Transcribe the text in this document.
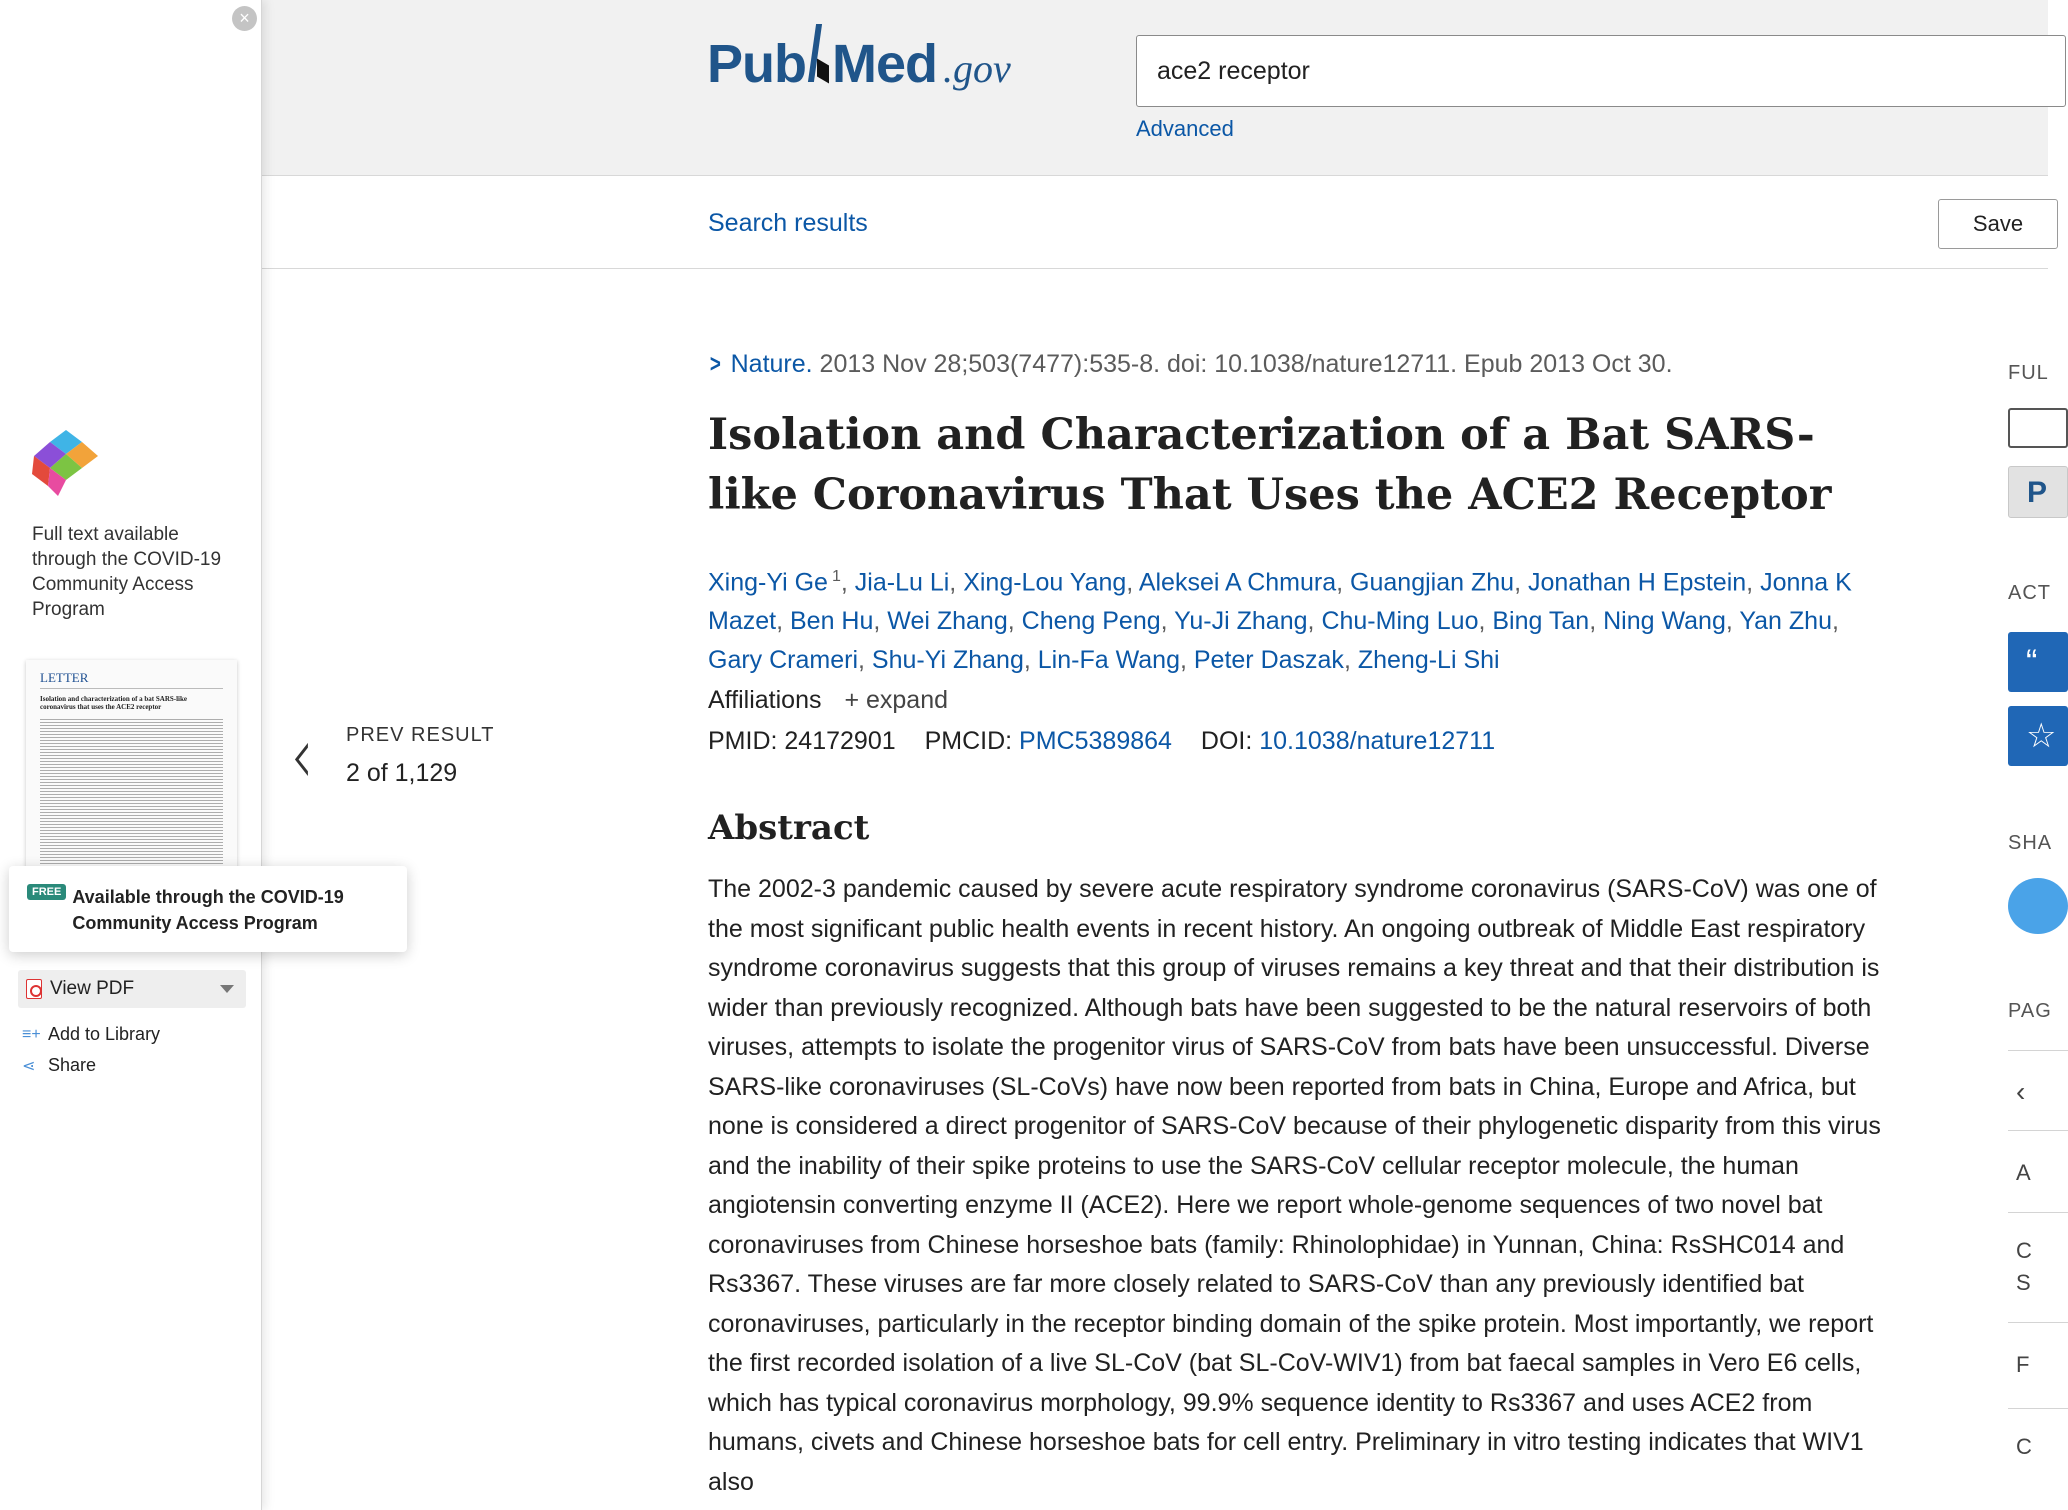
×
Full text available through the COVID-19 Community Access Program
LETTER
Isolation and characterization of a bat SARS-like coronavirus that uses the ACE2 receptor
FREE Available through the COVID-19 Community Access Program
View PDF
≡+ Add to Library
⋖ Share
Pub Med .gov
ace2 receptor
Advanced
Search results	Save
‹ PREV RESULT
2 of 1,129
> Nature. 2013 Nov 28;503(7477):535-8. doi: 10.1038/nature12711. Epub 2013 Oct 30.
Isolation and Characterization of a Bat SARS-like Coronavirus That Uses the ACE2 Receptor
Xing-Yi Ge $^1$, Jia-Lu Li, Xing-Lou Yang, Aleksei A Chmura, Guangjian Zhu, Jonathan H Epstein, Jonna K Mazet, Ben Hu, Wei Zhang, Cheng Peng, Yu-Ji Zhang, Chu-Ming Luo, Bing Tan, Ning Wang, Yan Zhu, Gary Crameri, Shu-Yi Zhang, Lin-Fa Wang, Peter Daszak, Zheng-Li Shi
Affiliations + expand
PMID: 24172901 PMCID: PMC5389864 DOI: 10.1038/nature12711
Abstract

The 2002-3 pandemic caused by severe acute respiratory syndrome coronavirus (SARS-CoV) was one of the most significant public health events in recent history. An ongoing outbreak of Middle East respiratory syndrome coronavirus suggests that this group of viruses remains a key threat and that their distribution is wider than previously recognized. Although bats have been suggested to be the natural reservoirs of both viruses, attempts to isolate the progenitor virus of SARS-CoV from bats have been unsuccessful. Diverse SARS-like coronaviruses (SL-CoVs) have now been reported from bats in China, Europe and Africa, but none is considered a direct progenitor of SARS-CoV because of their phylogenetic disparity from this virus and the inability of their spike proteins to use the SARS-CoV cellular receptor molecule, the human angiotensin converting enzyme II (ACE2). Here we report whole-genome sequences of two novel bat coronaviruses from Chinese horseshoe bats (family: Rhinolophidae) in Yunnan, China: RsSHC014 and Rs3367. These viruses are far more closely related to SARS-CoV than any previously identified bat coronaviruses, particularly in the receptor binding domain of the spike protein. Most importantly, we report the first recorded isolation of a live SL-CoV (bat SL-CoV-WIV1) from bat faecal samples in Vero E6 cells, which has typical coronavirus morphology, 99.9% sequence identity to Rs3367 and uses ACE2 from humans, civets and Chinese horseshoe bats for cell entry. Preliminary in vitro testing indicates that WIV1 also

FUL
P
ACT
“
☆
SHA
PAG
‹
A
C
S
F
C
